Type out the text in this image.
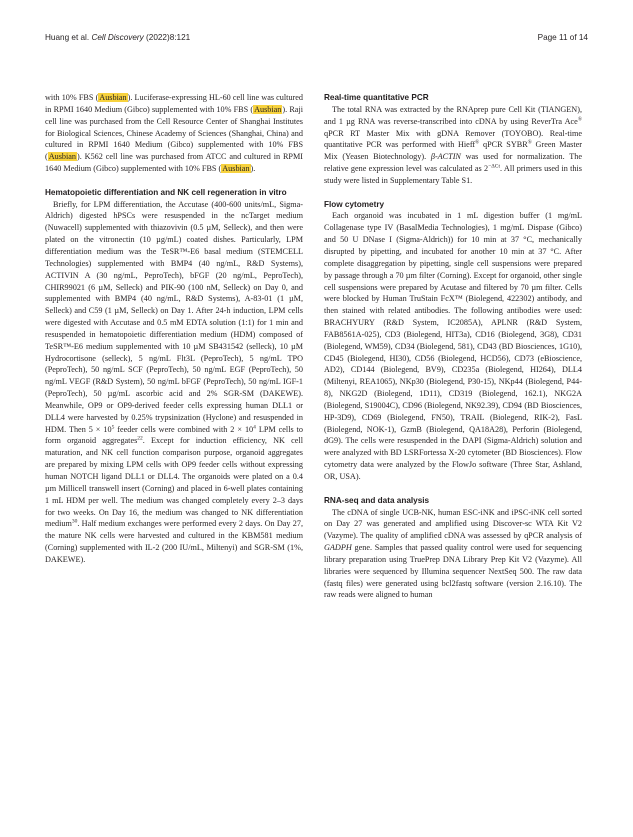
Huang et al. Cell Discovery (2022)8:121	Page 11 of 14

with 10% FBS (Ausbian). Luciferase-expressing HL-60 cell line was cultured in RPMI 1640 Medium (Gibco) supplemented with 10% FBS (Ausbian). Raji cell line was purchased from the Cell Resource Center of Shanghai Institutes for Biological Sciences, Chinese Academy of Sciences (Shanghai, China) and cultured in RPMI 1640 Medium (Gibco) supplemented with 10% FBS (Ausbian). K562 cell line was purchased from ATCC and cultured in RPMI 1640 Medium (Gibco) supplemented with 10% FBS (Ausbian).

Hematopoietic differentiation and NK cell regeneration in vitro

Briefly, for LPM differentiation, the Accutase (400-600 units/mL, Sigma-Aldrich) digested hPSCs were resuspended in the ncTarget medium (Nuwacell) supplemented with thiazovivin (0.5 µM, Selleck), and then were plated on the vitronectin (10 µg/mL) coated dishes. Particularly, LPM differentiation medium was the TeSR™-E6 basal medium (STEMCELL Technologies) supplemented with BMP4 (40 ng/mL, R&D Systems), ACTIVIN A (30 ng/mL, PeproTech), bFGF (20 ng/mL, PeproTech), CHIR99021 (6 µM, Selleck) and PIK-90 (100 nM, Selleck) on Day 0, and supplemented with BMP4 (40 ng/mL, R&D Systems), A-83-01 (1 µM, Selleck) and C59 (1 µM, Selleck) on Day 1. After 24-h induction, LPM cells were digested with Accutase and 0.5 mM EDTA solution (1:1) for 1 min and resuspended in hematopoietic differentiation medium (HDM) composed of TeSR™-E6 medium supplemented with 10 µM SB431542 (selleck), 10 µM Hydrocortisone (selleck), 5 ng/mL Flt3L (PeproTech), 5 ng/mL TPO (PeproTech), 50 ng/mL SCF (PeproTech), 50 ng/mL EGF (PeproTech), 50 ng/mL VEGF (R&D System), 50 ng/mL bFGF (PeproTech), 50 ng/mL IGF-1 (PeproTech), 50 µg/mL ascorbic acid and 2% SGR-SM (DAKEWE). Meanwhile, OP9 or OP9-derived feeder cells expressing human DLL1 or DLL4 were harvested by 0.25% trypsinization (Hyclone) and resuspended in HDM. Then $5 \times 10^5$ feeder cells were combined with $2 \times 10^4$ LPM cells to form organoid aggregates$^{22}$. Except for induction efficiency, NK cell maturation, and NK cell function comparison purpose, organoid aggregates are prepared by mixing LPM cells with OP9 feeder cells without expressing human NOTCH ligand DLL1 or DLL4. The organoids were plated on a 0.4 µm Millicell transwell insert (Corning) and placed in 6-well plates containing 1 mL HDM per well. The medium was changed completely every 2–3 days for two weeks. On Day 16, the medium was changed to NK differentiation medium$^{30}$. Half medium exchanges were performed every 2 days. On Day 27, the mature NK cells were harvested and cultured in the KBM581 medium (Corning) supplemented with IL-2 (200 IU/mL, Miltenyi) and SGR-SM (1%, DAKEWE).

Real-time quantitative PCR

The total RNA was extracted by the RNAprep pure Cell Kit (TIANGEN), and 1 µg RNA was reverse-transcribed into cDNA by using ReverTra Ace® qPCR RT Master Mix with gDNA Remover (TOYOBO). Real-time quantitative PCR was performed with Hieff® qPCR SYBR® Green Master Mix (Yeasen Biotechnology). β-ACTIN was used for normalization. The relative gene expression level was calculated as $2^{-\Delta Ct}$. All primers used in this study were listed in Supplementary Table S1.

Flow cytometry

Each organoid was incubated in 1 mL digestion buffer (1 mg/mL Collagenase type IV (BasalMedia Technologies), 1 mg/mL Dispase (Gibco) and 50 U DNase I (Sigma-Aldrich)) for 10 min at 37 °C, mechanically disrupted by pipetting, and incubated for another 10 min at 37 °C. After complete disaggregation by pipetting, single cell suspensions were prepared by passage through a 70 µm filter (Corning). Except for organoid, other single cell suspensions were prepared by Acutase and filtered by 70 µm filter. Cells were blocked by Human TruStain FcX™ (Biolegend, 422302) antibody, and then stained with related antibodies. The following antibodies were used: BRACHYURY (R&D System, IC2085A), APLNR (R&D System, FAB8561A-025), CD3 (Biolegend, HIT3a), CD16 (Biolegend, 3G8), CD31 (Biolegend, WM59), CD34 (Biolegend, 581), CD43 (BD Biosciences, 1G10), CD45 (Biolegend, HI30), CD56 (Biolegend, HCD56), CD73 (eBioscience, AD2), CD144 (Biolegend, BV9), CD235a (Biolegend, HI264), DLL4 (Miltenyi, REA1065), NKp30 (Biolegend, P30-15), NKp44 (Biolegend, P44-8), NKG2D (Biolegend, 1D11), CD319 (Biolegend, 162.1), NKG2A (Biolegend, S19004C), CD96 (Biolegend, NK92.39), CD94 (BD Biosciences, HP-3D9), CD69 (Biolegend, FN50), TRAIL (Biolegend, RIK-2), FasL (Biolegend, NOK-1), GzmB (Biolegend, QA18A28), Perforin (Biolegend, dG9). The cells were resuspended in the DAPI (Sigma-Aldrich) solution and were analyzed with BD LSRFortessa X-20 cytometer (BD Biosciences). Flow cytometry data were analyzed by the FlowJo software (Three Star, Ashland, OR, USA).

RNA-seq and data analysis

The cDNA of single UCB-NK, human ESC-iNK and iPSC-iNK cell sorted on Day 27 was generated and amplified using Discover-sc WTA Kit V2 (Vazyme). The quality of amplified cDNA was assessed by qPCR analysis of GADPH gene. Samples that passed quality control were used for sequencing library preparation using TruePrep DNA Library Prep Kit V2 (Vazyme). All libraries were sequenced by Illumina sequencer NextSeq 500. The raw data (fastq files) were generated using bcl2fastq software (version 2.16.10). The raw reads were aligned to human
